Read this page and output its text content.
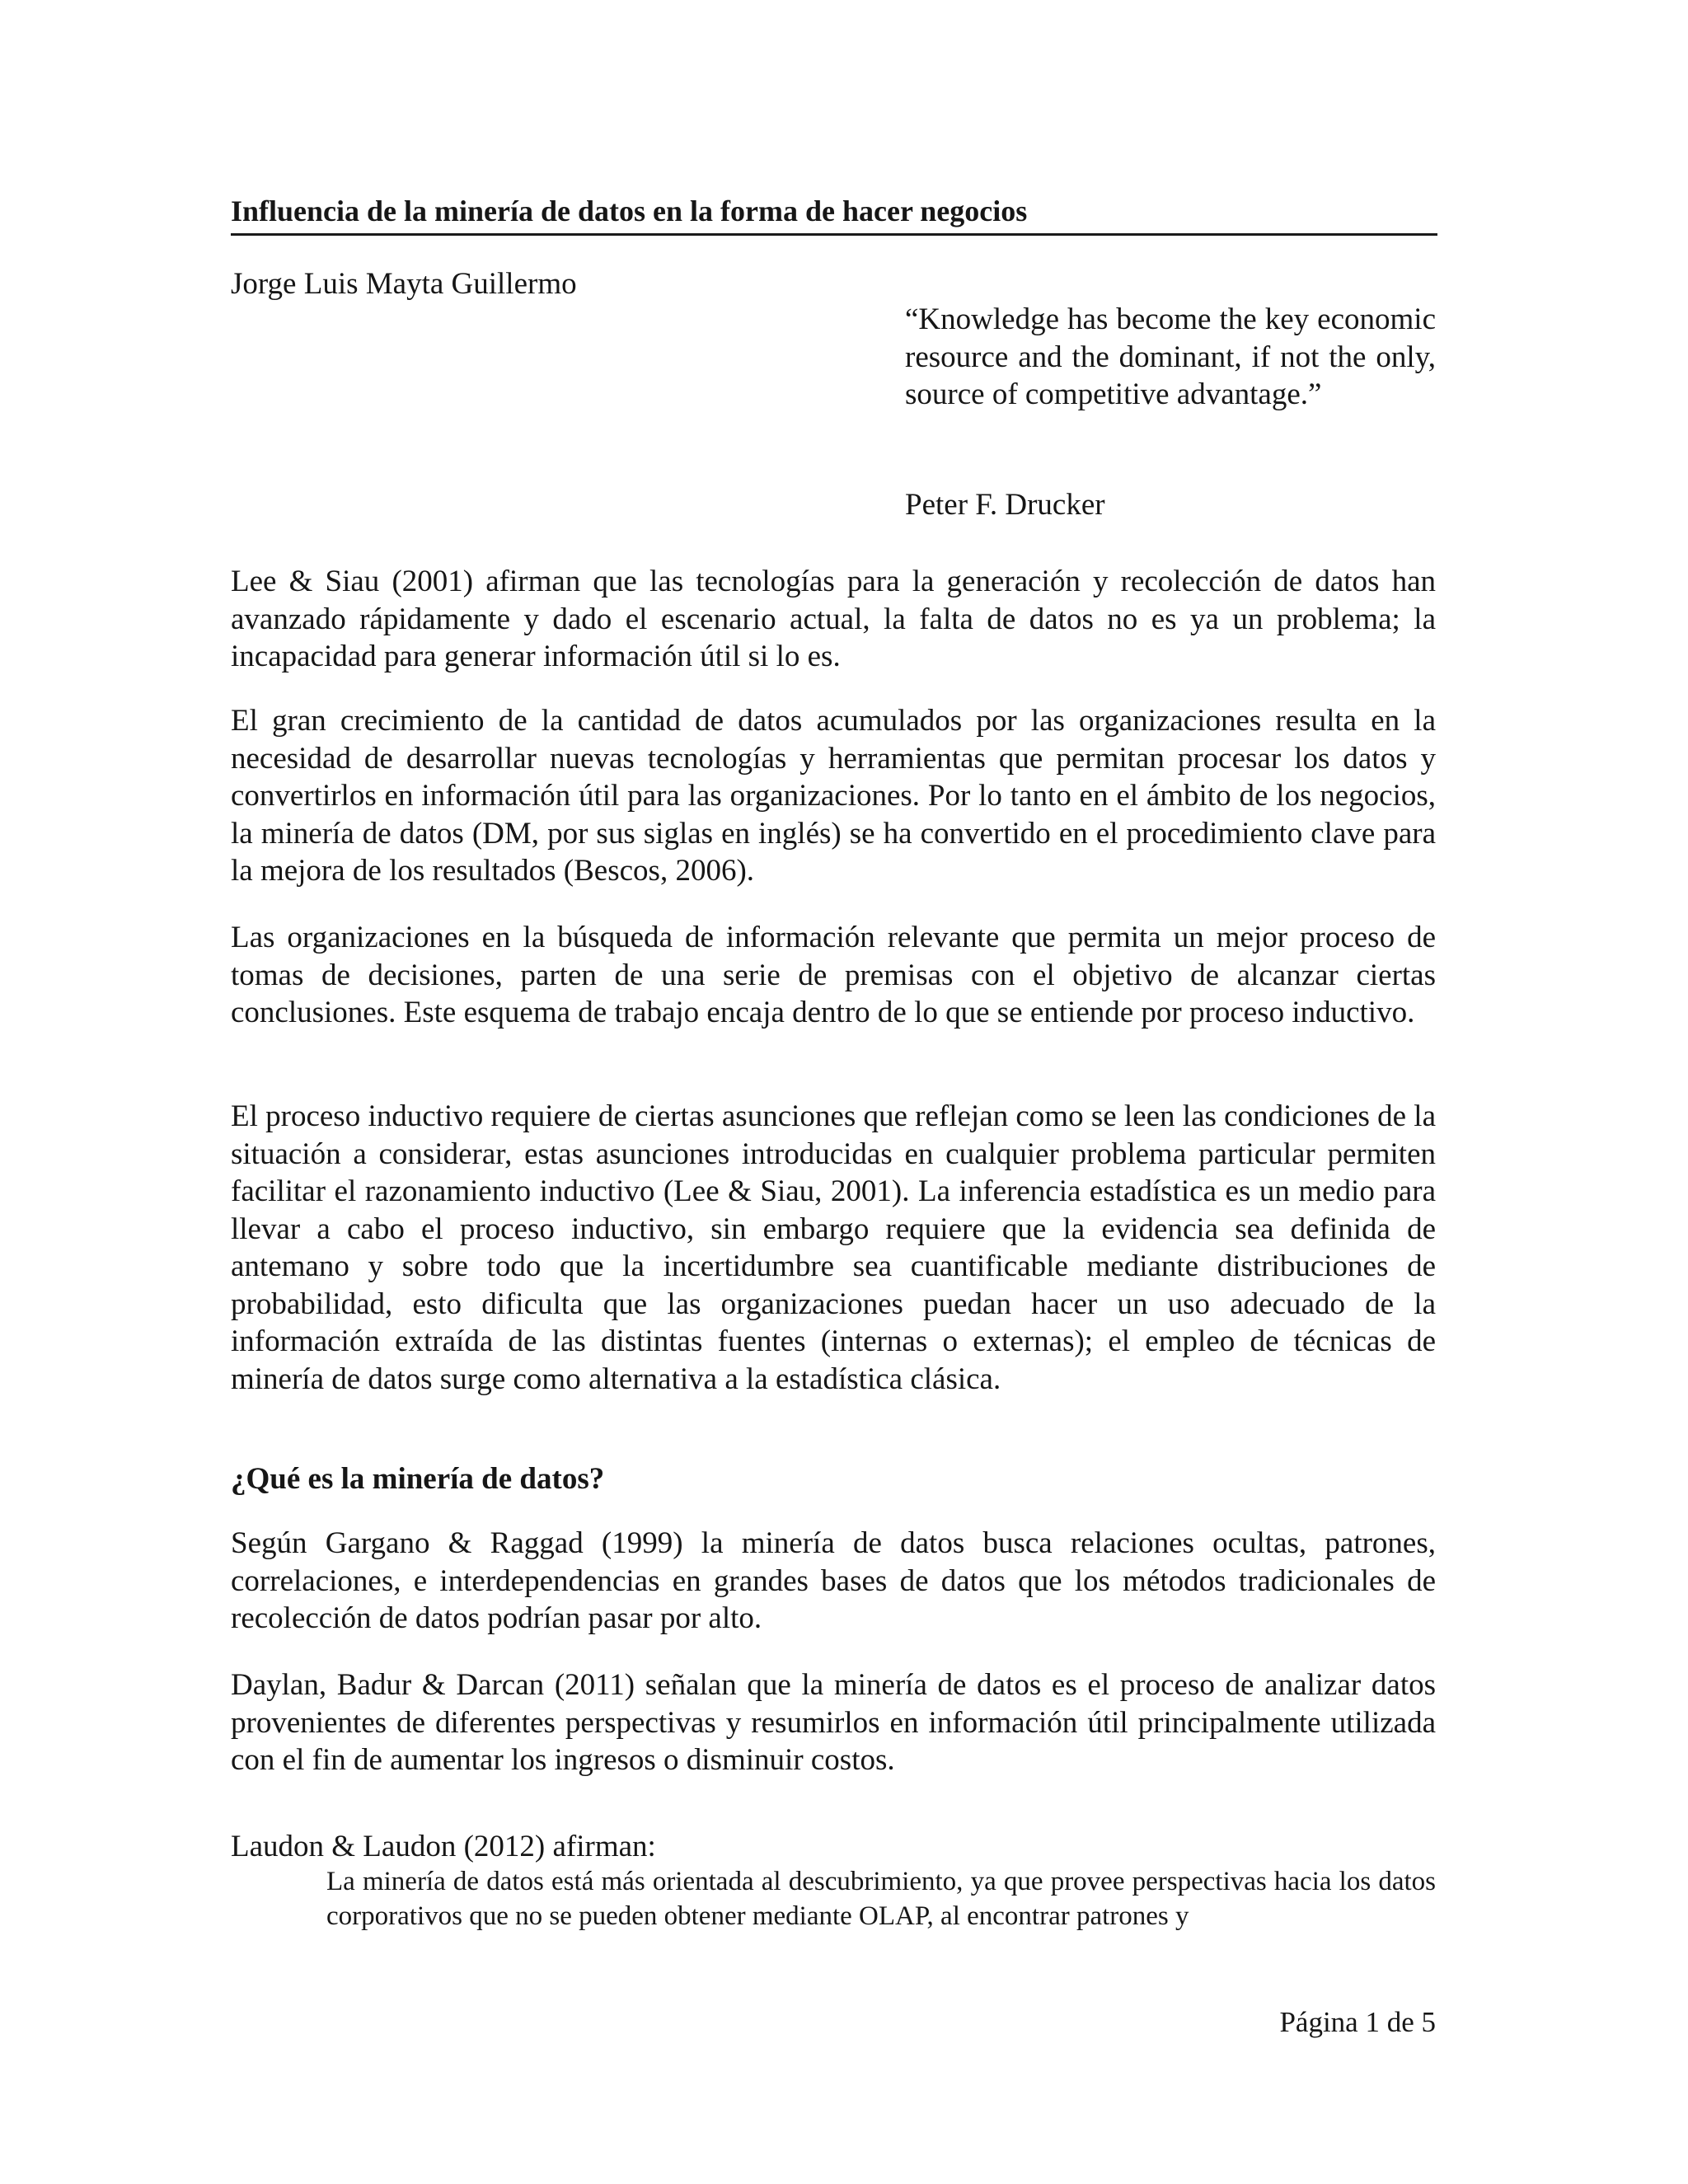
Influencia de la minería de datos en la forma de hacer negocios
Jorge Luis Mayta Guillermo
“Knowledge has become the key economic resource and the dominant, if not the only, source of competitive advantage.”
Peter F. Drucker

Lee & Siau (2001) afirman que las tecnologías para la generación y recolección de datos han avanzado rápidamente y dado el escenario actual, la falta de datos no es ya un problema; la incapacidad para generar información útil si lo es.

El gran crecimiento de la cantidad de datos acumulados por las organizaciones resulta en la necesidad de desarrollar nuevas tecnologías y herramientas que permitan procesar los datos y convertirlos en información útil para las organizaciones. Por lo tanto en el ámbito de los negocios, la minería de datos (DM, por sus siglas en inglés) se ha convertido en el procedimiento clave para la mejora de los resultados (Bescos, 2006).

Las organizaciones en la búsqueda de información relevante que permita un mejor proceso de tomas de decisiones, parten de una serie de premisas con el objetivo de alcanzar ciertas conclusiones. Este esquema de trabajo encaja dentro de lo que se entiende por proceso inductivo.

El proceso inductivo requiere de ciertas asunciones que reflejan como se leen las condiciones de la situación a considerar, estas asunciones introducidas en cualquier problema particular permiten facilitar el razonamiento inductivo (Lee & Siau, 2001). La inferencia estadística es un medio para llevar a cabo el proceso inductivo, sin embargo requiere que la evidencia sea definida de antemano y sobre todo que la incertidumbre sea cuantificable mediante distribuciones de probabilidad, esto dificulta que las organizaciones puedan hacer un uso adecuado de la información extraída de las distintas fuentes (internas o externas); el empleo de técnicas de minería de datos surge como alternativa a la estadística clásica.

¿Qué es la minería de datos?

Según Gargano & Raggad (1999) la minería de datos busca relaciones ocultas, patrones, correlaciones, e interdependencias en grandes bases de datos que los métodos tradicionales de recolección de datos podrían pasar por alto.

Daylan, Badur & Darcan (2011) señalan que la minería de datos es el proceso de analizar datos provenientes de diferentes perspectivas y resumirlos en información útil principalmente utilizada con el fin de aumentar los ingresos o disminuir costos.

Laudon & Laudon (2012) afirman:
La minería de datos está más orientada al descubrimiento, ya que provee perspectivas hacia los datos corporativos que no se pueden obtener mediante OLAP, al encontrar patrones y
Página 1 de 5
